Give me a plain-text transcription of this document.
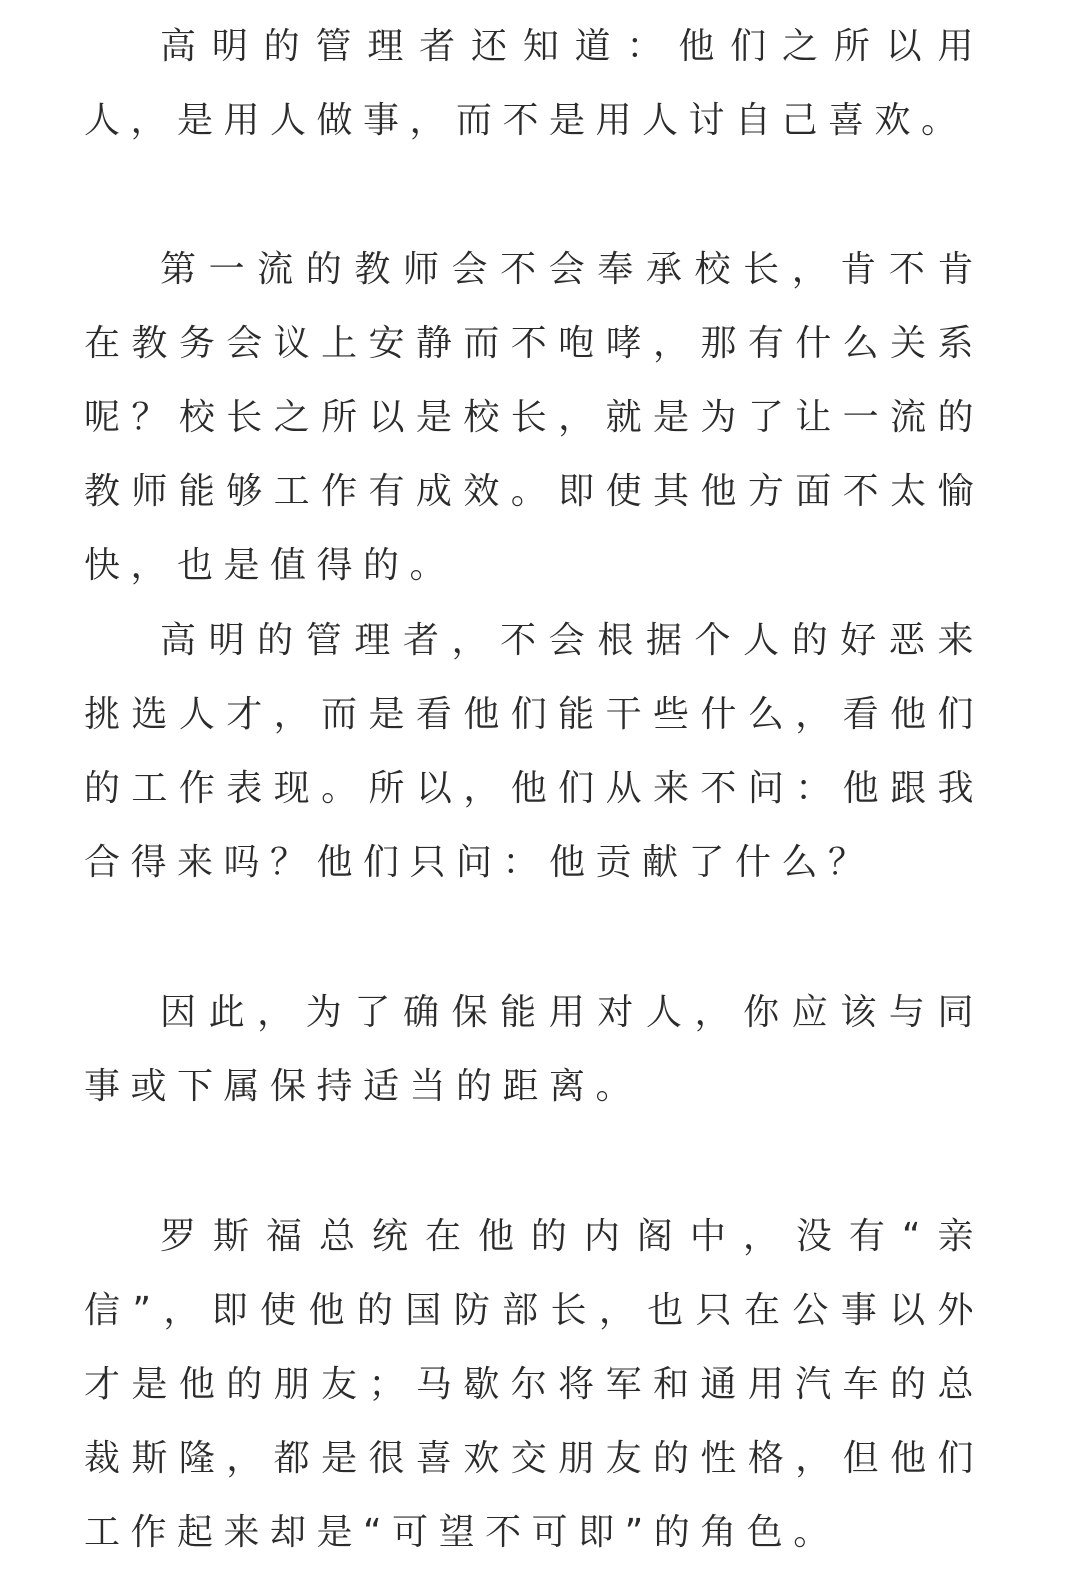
高明的管理者还知道：他们之所以用人，是用人做事，而不是用人讨自己喜欢。

第一流的教师会不会奉承校长，肯不肯在教务会议上安静而不咆哮，那有什么关系呢？校长之所以是校长，就是为了让一流的教师能够工作有成效。即使其他方面不太愉快，也是值得的。

高明的管理者，不会根据个人的好恶来挑选人才，而是看他们能干些什么，看他们的工作表现。所以，他们从来不问：他跟我合得来吗？他们只问：他贡献了什么？

因此，为了确保能用对人，你应该与同事或下属保持适当的距离。

罗斯福总统在他的内阁中，没有“亲信”，即使他的国防部长，也只在公事以外才是他的朋友；马歇尔将军和通用汽车的总裁斯隆，都是很喜欢交朋友的性格，但他们工作起来却是“可望不可即”的角色。
